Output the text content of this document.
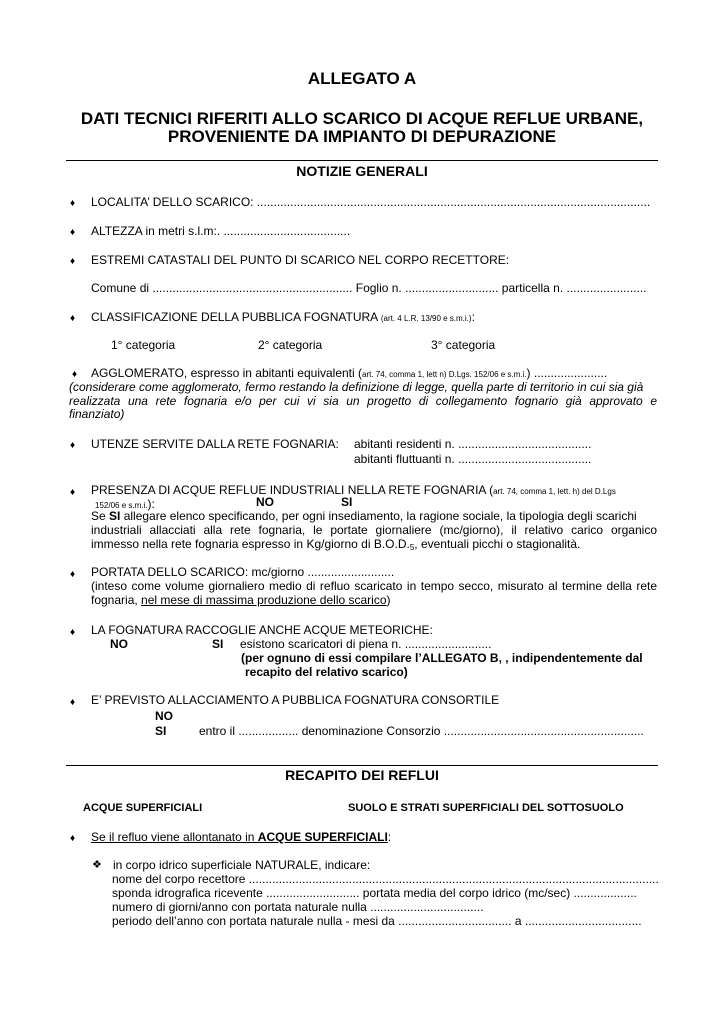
ALLEGATO A
DATI TECNICI RIFERITI ALLO SCARICO DI ACQUE REFLUE URBANE,
PROVENIENTE DA IMPIANTO DI DEPURAZIONE
NOTIZIE GENERALI
♦ LOCALITA’ DELLO SCARICO: ......................................................................................................................
♦ ALTEZZA in metri s.l.m:. ......................................
♦ ESTREMI CATASTALI DEL PUNTO DI SCARICO NEL CORPO RECETTORE:
Comune di ............................................................ Foglio n. ............................ particella n. ........................
♦ CLASSIFICAZIONE DELLA PUBBLICA FOGNATURA (art. 4 L.R. 13/90 e s.m.i.):
1° categoria	2° categoria	3° categoria
♦ AGGLOMERATO, espresso in abitanti equivalenti (art. 74, comma 1, lett n) D.Lgs. 152/06 e s.m.i.) ......................
(considerare come agglomerato, fermo restando la definizione di legge, quella parte di territorio in cui sia già
realizzata una rete fognaria e/o per cui vi sia un progetto di collegamento fognario già approvato e
finanziato)
♦ UTENZE SERVITE DALLA RETE FOGNARIA: abitanti residenti n. ........................................
abitanti fluttuanti n. ........................................
♦ PRESENZA DI ACQUE REFLUE INDUSTRIALI NELLA RETE FOGNARIA (art. 74, comma 1, lett. h) del D.Lgs
152/06 e s.m.i.):	NO	SI
Se SI allegare elenco specificando, per ogni insediamento, la ragione sociale, la tipologia degli scarichi
industriali allacciati alla rete fognaria, le portate giornaliere (mc/giorno), il relativo carico organico
immesso nella rete fognaria espresso in Kg/giorno di $B.O.D._5$, eventuali picchi o stagionalità.
♦ PORTATA DELLO SCARICO: mc/giorno ..........................
(inteso come volume giornaliero medio di refluo scaricato in tempo secco, misurato al termine della rete
fognaria, nel mese di massima produzione dello scarico)
♦ LA FOGNATURA RACCOGLIE ANCHE ACQUE METEORICHE:
NO	SI esistono scaricatori di piena n. ..........................
(per ognuno di essi compilare l’ALLEGATO B, , indipendentemente dal
recapito del relativo scarico)
♦ E’ PREVISTO ALLACCIAMENTO A PUBBLICA FOGNATURA CONSORTILE
NO
SI	entro il .................. denominazione Consorzio ............................................................
RECAPITO DEI REFLUI
ACQUE SUPERFICIALI	SUOLO E STRATI SUPERFICIALI DEL SOTTOSUOLO
♦ Se il refluo viene allontanato in ACQUE SUPERFICIALI:
❖ in corpo idrico superficiale NATURALE, indicare:
nome del corpo recettore ...........................................................................................................................
sponda idrografica ricevente ............................ portata media del corpo idrico (mc/sec) ...................
numero di giorni/anno con portata naturale nulla ..................................
periodo dell’anno con portata naturale nulla - mesi da .................................. a ...................................
